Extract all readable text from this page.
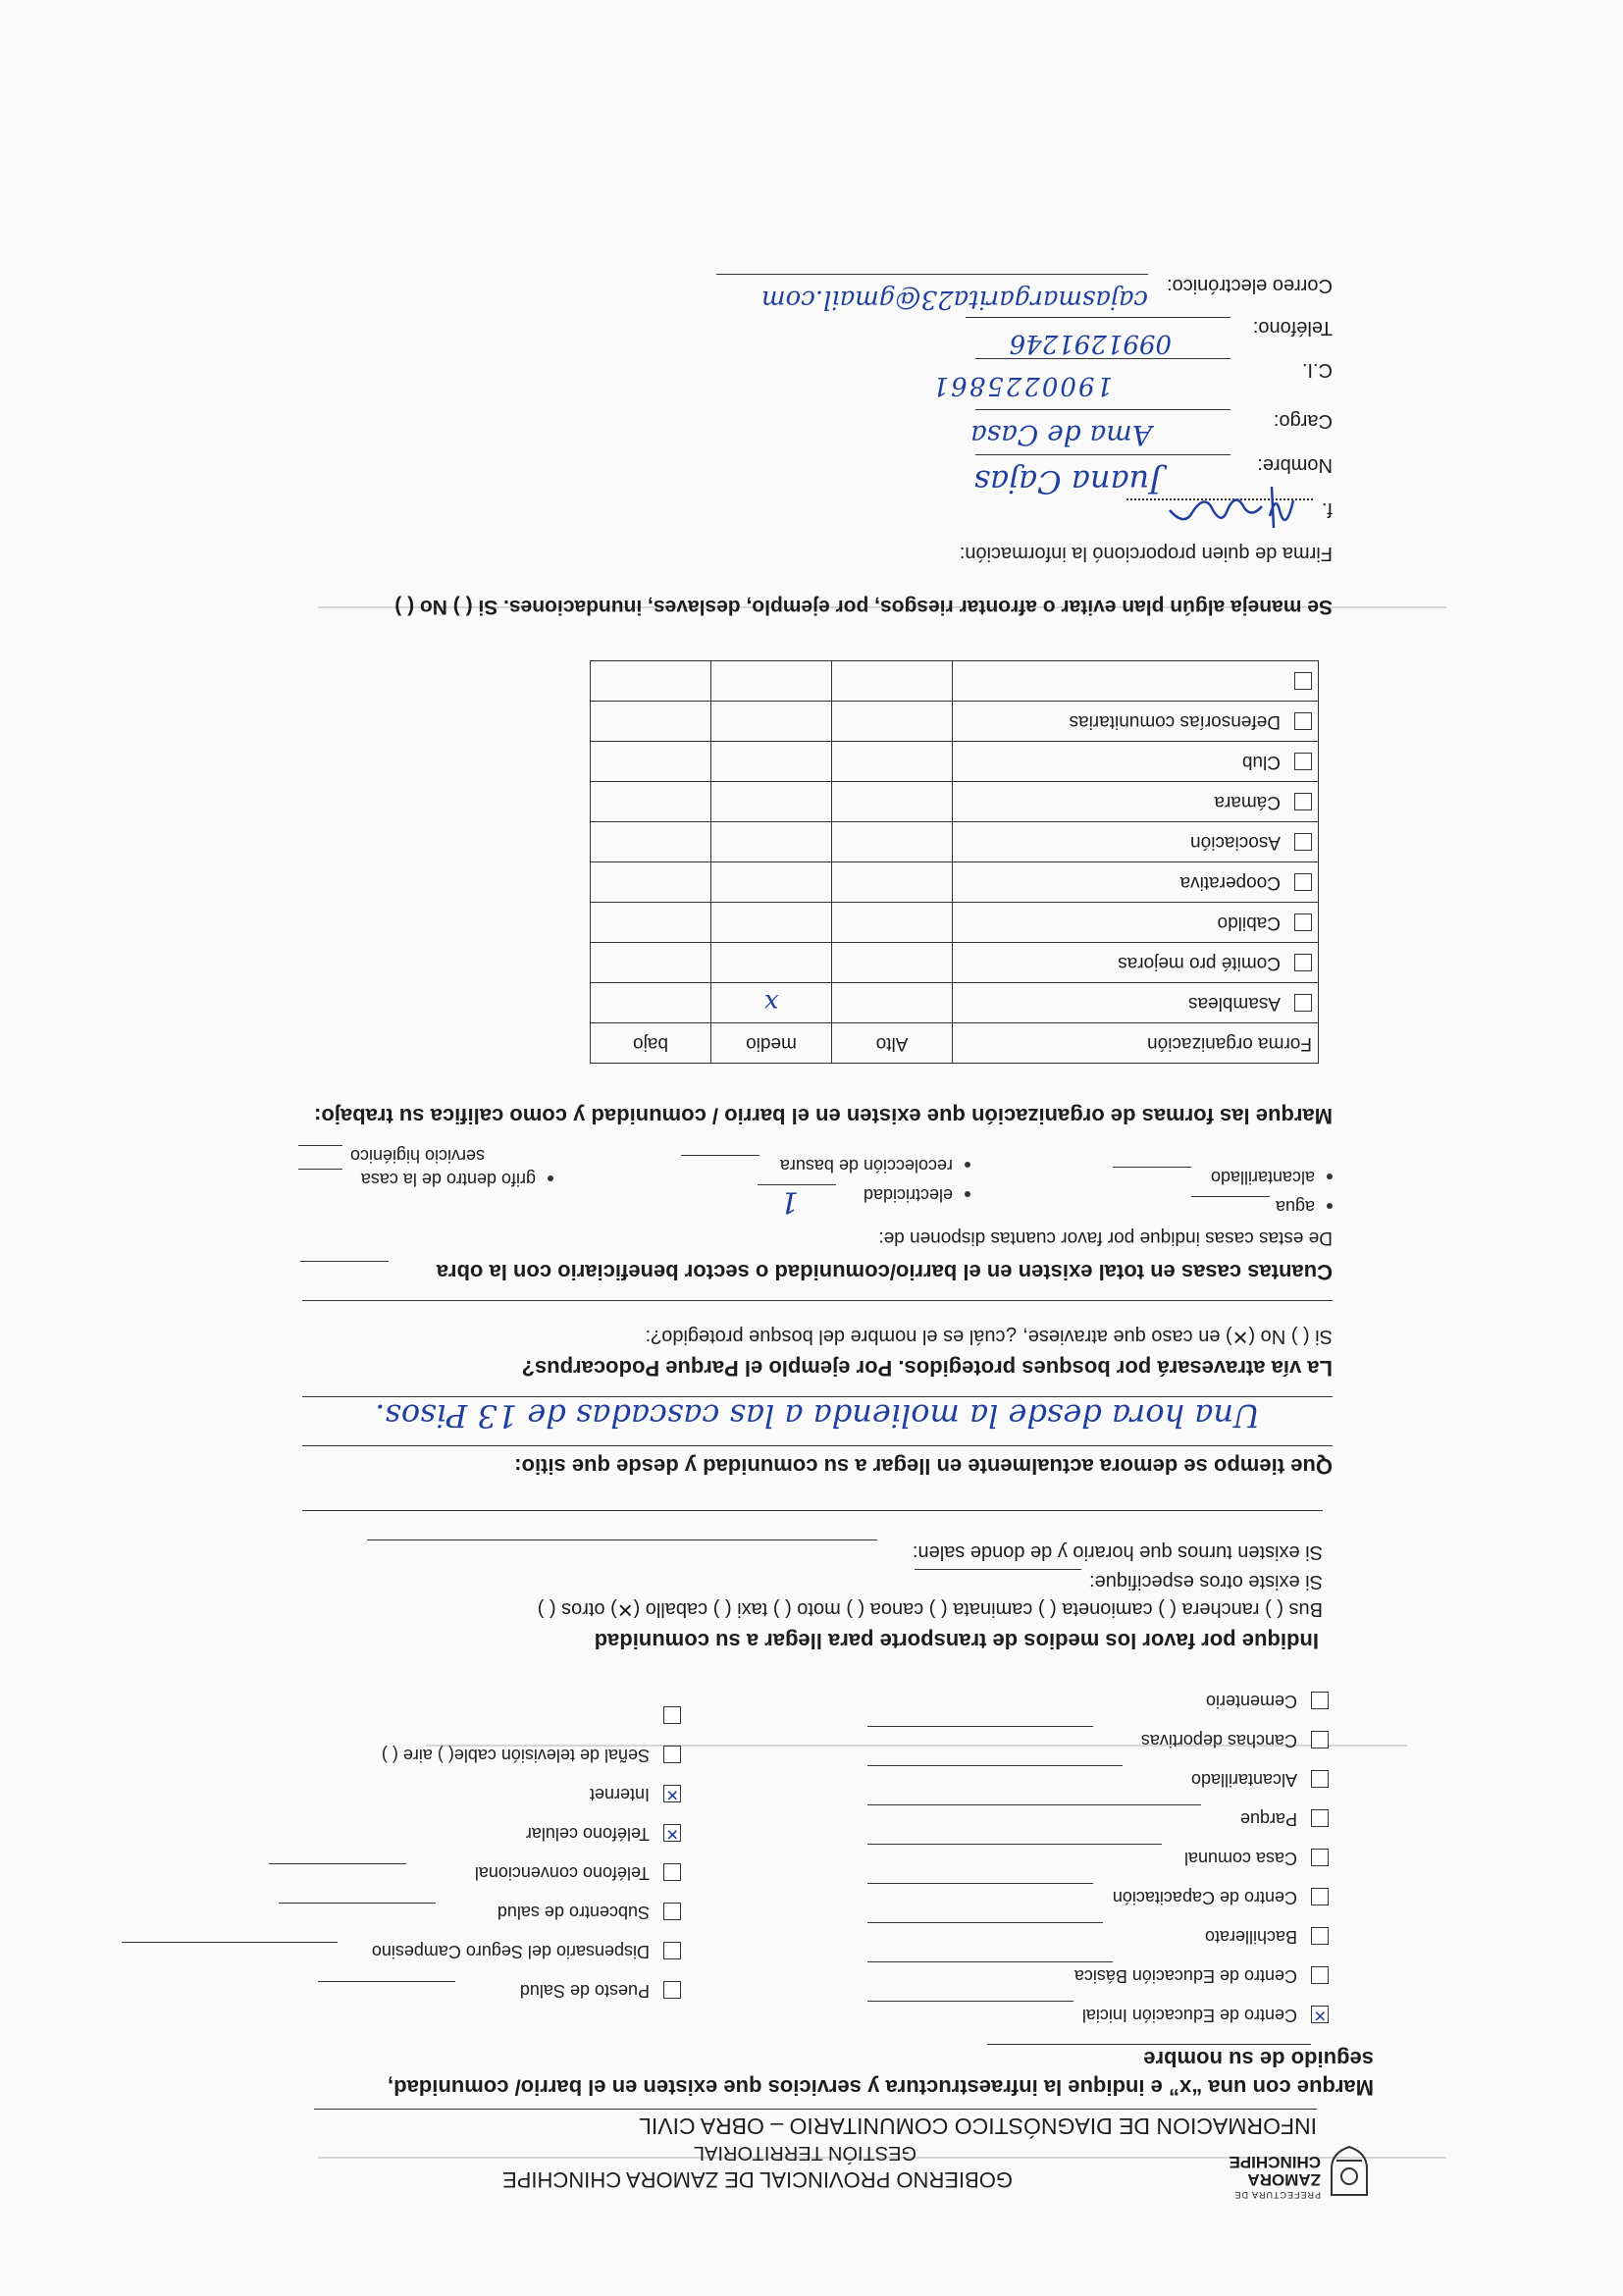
PREFECTURA DE
ZAMORA CHINCHIPE
GOBIERNO PROVINCIAL DE ZAMORA CHINCHIPE
GESTIÓN TERRITORIAL
INFORMACION DE DIAGNÓSTICO COMUNITARIO – OBRA CIVIL
Marque con una “x” e indique la infraestructura y servicios que existen en el barrio/ comunidad, seguido de su nombre
✕Centro de Educación Inicial
Centro de Educación Básica
Bachillerato
Centro de Capacitación
Casa comunal
Parque
Alcantarillado
Canchas deportivas
Cementerio
Puesto de Salud
Dispensario del Seguro Campesino
Subcentro de salud
Teléfono convencional
✕Teléfono celular
✕Internet
Señal de televisión cable( ) aire ( )
Indique por favor los medios de transporte para llegar a su comunidad
Bus ( ) ranchera ( ) camioneta ( ) caminata ( ) canoa ( ) moto ( ) taxi ( ) caballo (✕) otros ( )
Si existe otros especifique:
Si existen turnos que horario y de donde salen:
Que tiempo se demora actualmente en llegar a su comunidad y desde que sitio:
Una hora desde la molienda a las cascadas de 13 Pisos.
La vía atravesará por bosques protegidos. Por ejemplo el Parque Podocarpus?
Si ( ) No (✕) en caso que atraviese, ¿cuál es el nombre del bosque protegido?:
Cuantas casas en total existen en el barrio/comunidad o sector beneficiario con la obra
De estas casas indique por favor cuantas disponen de:
agua
alcantarillado
electricidad
recolección de basura
1
grifo dentro de la casa
servicio higiénico
Marque las formas de organización que existen en el barrio / comunidad y como califica su trabajo:
Forma organización	Alto	medio	bajo
Asambleas		x	
Comité pro mejoras			
Cabildo			
Cooperativa			
Asociación			
Cámara			
Club			
Defensorías comunitarias			

Se maneja algún plan evitar o afrontar riesgos, por ejemplo, deslaves, inundaciones. Si ( ) No ( )
Firma de quien proporcionó la información:
f.
Nombre:
Juana Cajas
Cargo:
Ama de Casa
C.I.
1900225861
Teléfono:
0991291246
Correo electrónico:
cajasmargarita23@gmail.com
